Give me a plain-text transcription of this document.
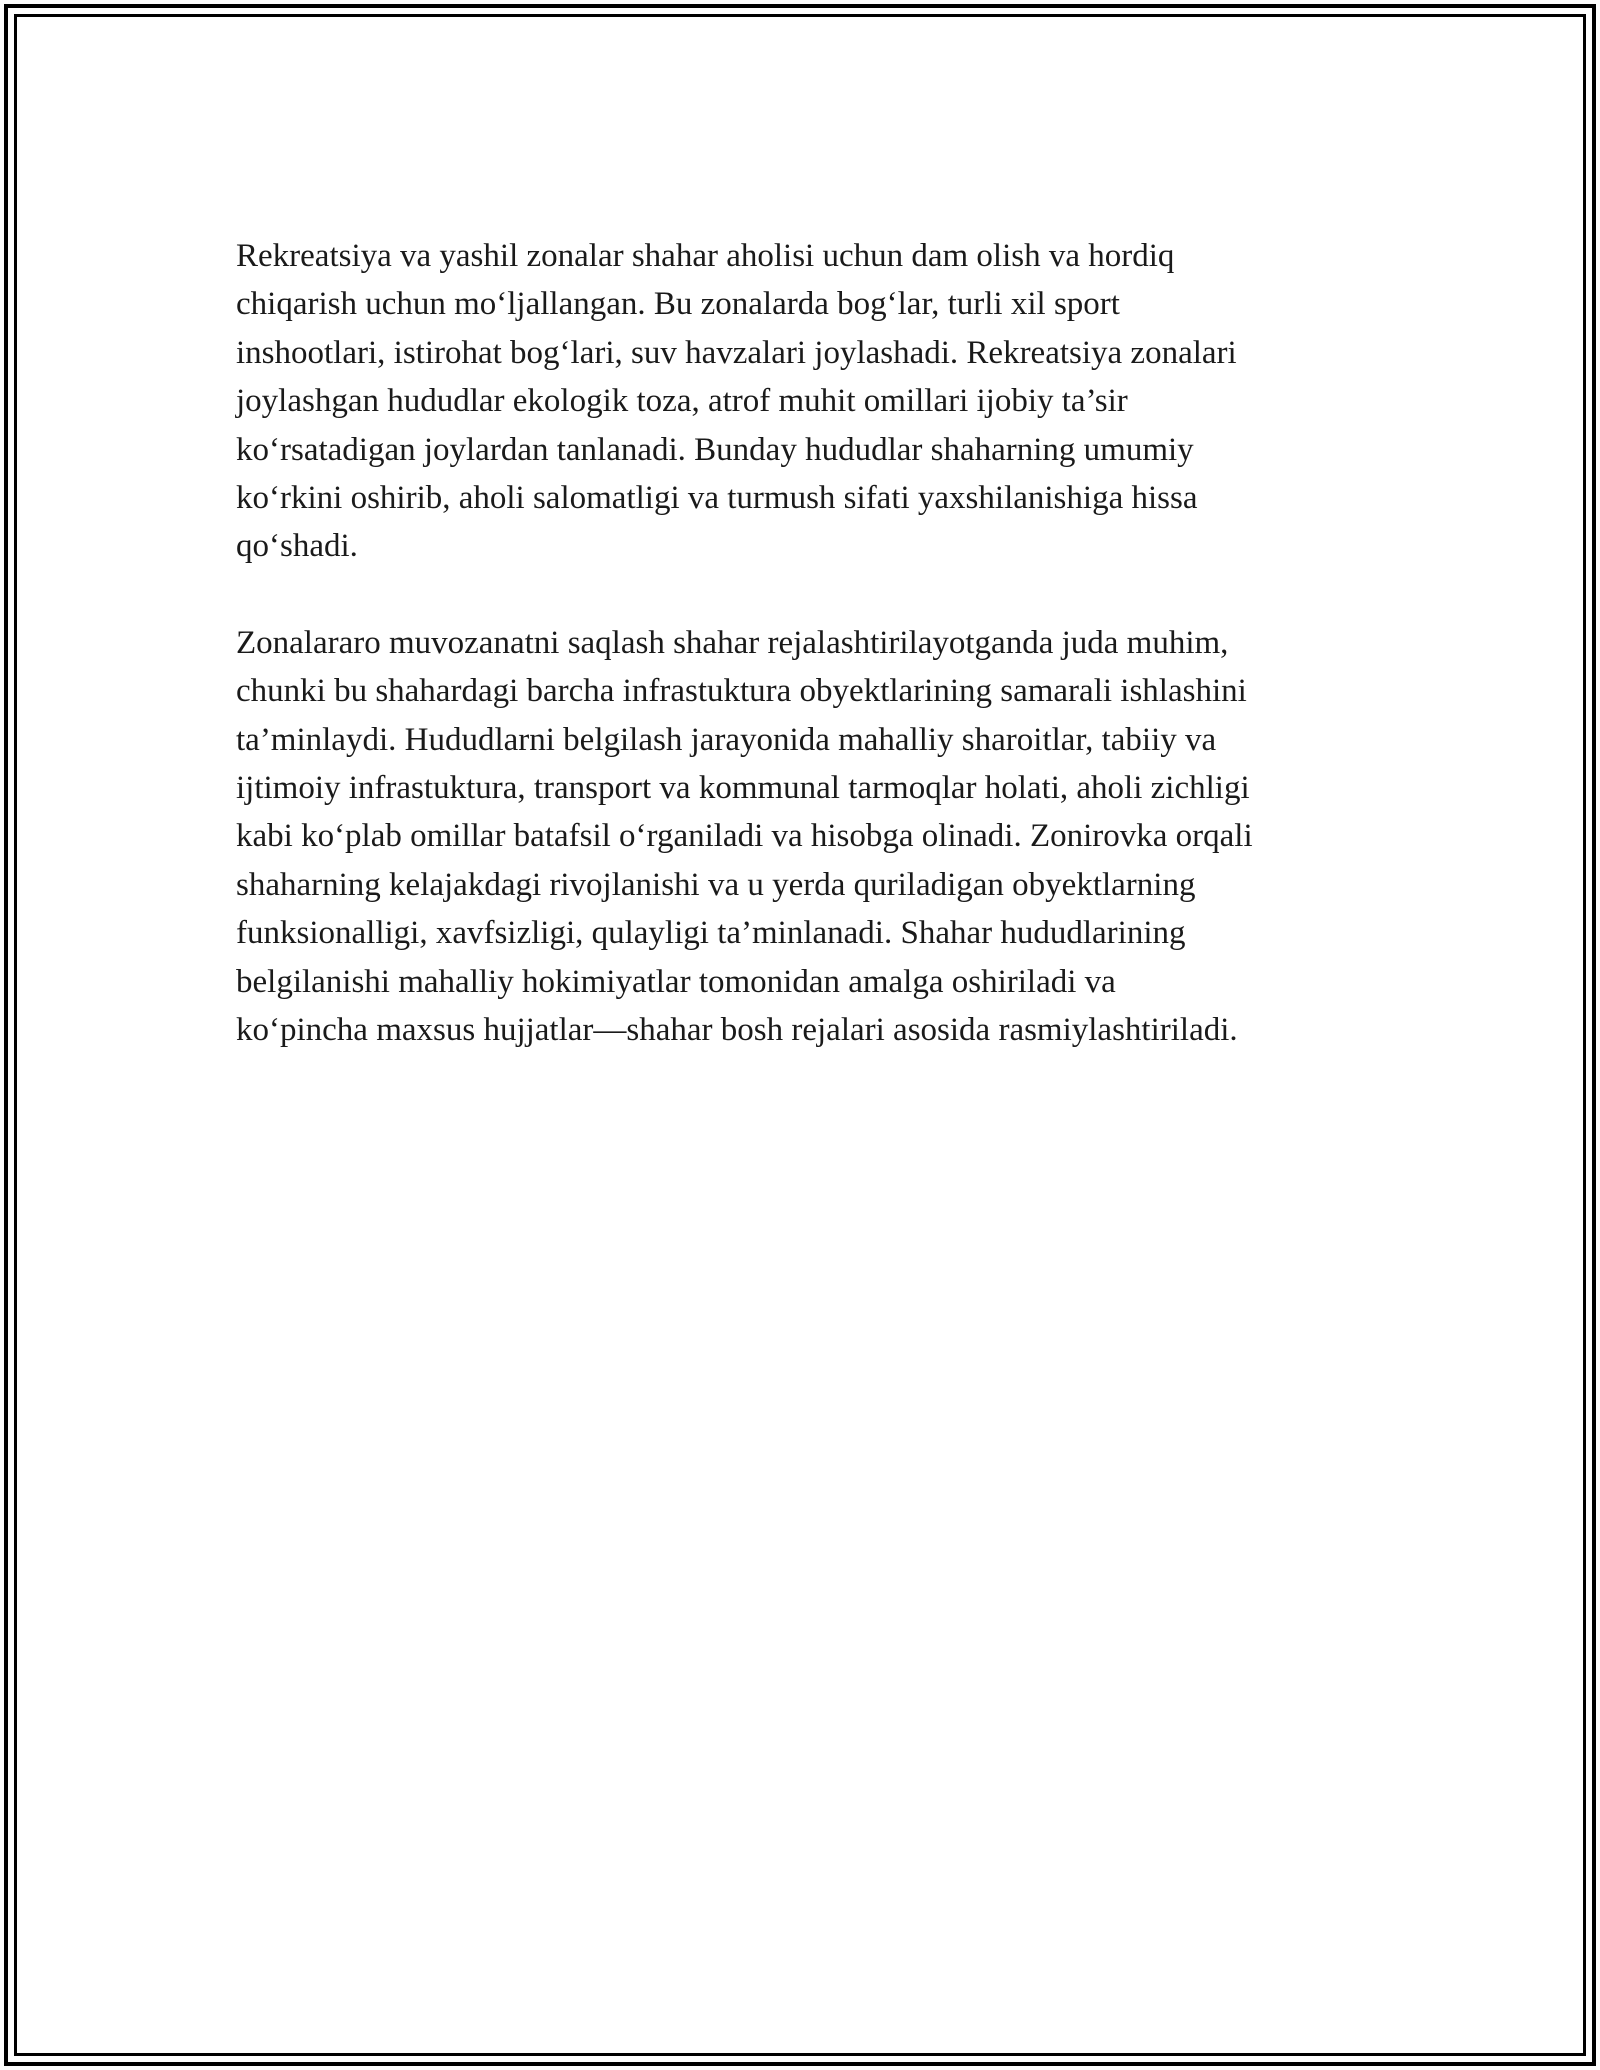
Rekreatsiya va yashil zonalar shahar aholisi uchun dam olish va hordiq
chiqarish uchun mo‘ljallangan. Bu zonalarda bog‘lar, turli xil sport
inshootlari, istirohat bog‘lari, suv havzalari joylashadi. Rekreatsiya zonalari
joylashgan hududlar ekologik toza, atrof muhit omillari ijobiy ta’sir
ko‘rsatadigan joylardan tanlanadi. Bunday hududlar shaharning umumiy
ko‘rkini oshirib, aholi salomatligi va turmush sifati yaxshilanishiga hissa
qo‘shadi.

Zonalararo muvozanatni saqlash shahar rejalashtirilayotganda juda muhim,
chunki bu shahardagi barcha infrastuktura obyektlarining samarali ishlashini
ta’minlaydi. Hududlarni belgilash jarayonida mahalliy sharoitlar, tabiiy va
ijtimoiy infrastuktura, transport va kommunal tarmoqlar holati, aholi zichligi
kabi ko‘plab omillar batafsil o‘rganiladi va hisobga olinadi. Zonirovka orqali
shaharning kelajakdagi rivojlanishi va u yerda quriladigan obyektlarning
funksionalligi, xavfsizligi, qulayligi ta’minlanadi. Shahar hududlarining
belgilanishi mahalliy hokimiyatlar tomonidan amalga oshiriladi va
ko‘pincha maxsus hujjatlar—shahar bosh rejalari asosida rasmiylashtiriladi.
